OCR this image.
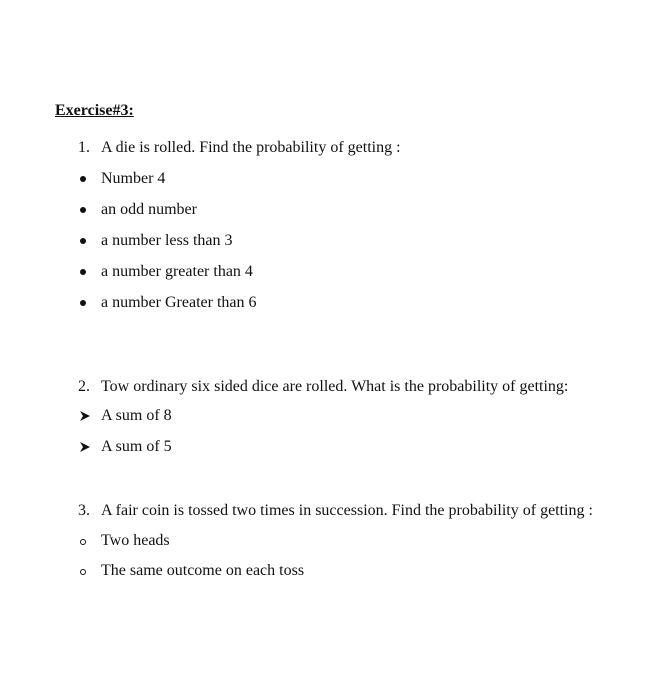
Exercise#3:
1. A die is rolled. Find the probability of getting :
Number 4
an odd number
a number less than 3
a number greater than 4
a number Greater than 6
2. Tow ordinary six sided dice are rolled. What is the probability of getting:
A sum of 8
A sum of 5
3. A fair coin is tossed two times in succession. Find the probability of getting :
Two heads
The same outcome on each toss
